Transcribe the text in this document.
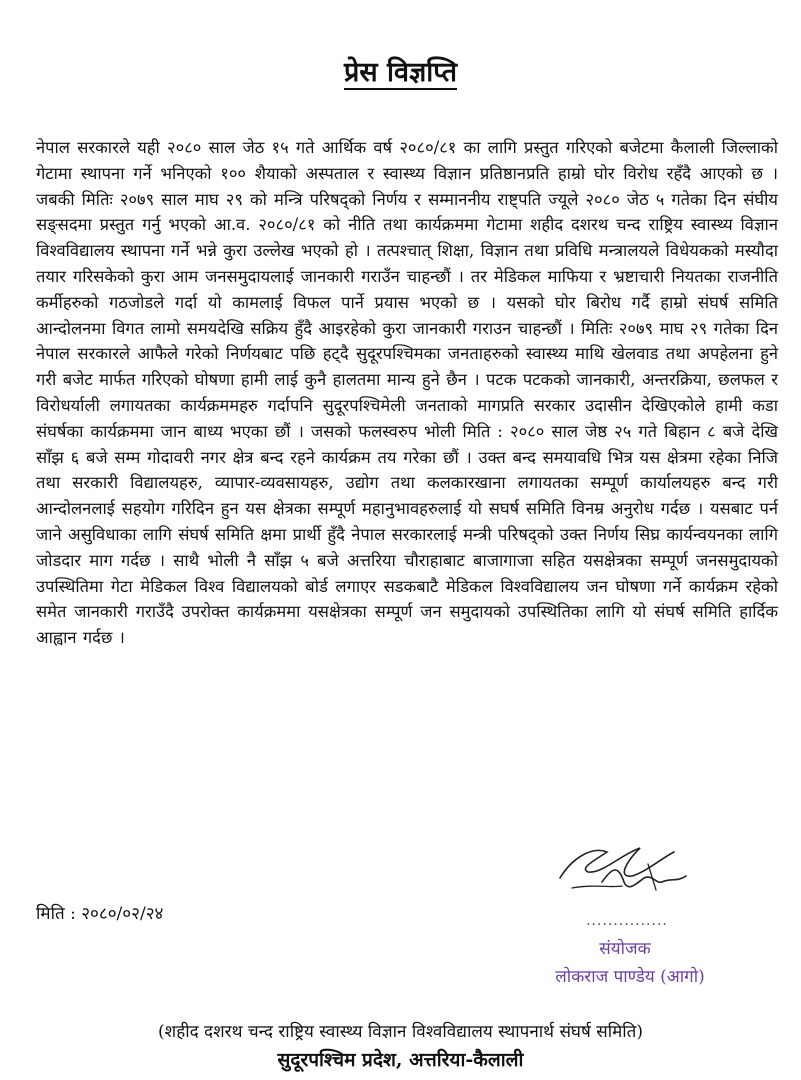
प्रेस विज्ञप्ति

नेपाल सरकारले यही २०८० साल जेठ १५ गते आर्थिक वर्ष २०८०/८१ का लागि प्रस्तुत गरिएको बजेटमा कैलाली जिल्लाको गेटामा स्थापना गर्ने भनिएको १०० शैयाको अस्पताल र स्वास्थ्य विज्ञान प्रतिष्ठानप्रति हाम्रो घोर विरोध रहँदै आएको छ । जबकी मितिः २०७९ साल माघ २९ को मन्त्रि परिषद्को निर्णय र सम्माननीय राष्ट्पति ज्यूले २०८० जेठ ५ गतेका दिन संघीय सङ्सदमा प्रस्तुत गर्नु भएको आ.व. २०८०/८१ को नीति तथा कार्यक्रममा गेटामा शहीद दशरथ चन्द राष्ट्रिय स्वास्थ्य विज्ञान विश्वविद्यालय स्थापना गर्ने भन्ने कुरा उल्लेख भएको हो । तत्पश्चात् शिक्षा, विज्ञान तथा प्रविधि मन्त्रालयले विधेयकको मस्यौदा तयार गरिसकेको कुरा आम जनसमुदायलाई जानकारी गराउँन चाहन्छौं । तर मेडिकल माफिया र भ्रष्टाचारी नियतका राजनीति कर्मीहरुको गठजोडले गर्दा यो कामलाई विफल पार्ने प्रयास भएको छ । यसको घोर बिरोध गर्दै हाम्रो संघर्ष समिति आन्दोलनमा विगत लामो समयदेखि सक्रिय हुँदै आइरहेको कुरा जानकारी गराउन चाहन्छौं । मितिः २०७९ माघ २९ गतेका दिन नेपाल सरकारले आफैले गरेको निर्णयबाट पछि हट्दै सुदूरपश्चिमका जनताहरुको स्वास्थ्य माथि खेलवाड तथा अपहेलना हुने गरी बजेट मार्फत गरिएको घोषणा हामी लाई कुनै हालतमा मान्य हुने छैन । पटक पटकको जानकारी, अन्तरक्रिया, छलफल र विरोधर्याली लगायतका कार्यक्रममहरु गर्दापनि सुदूरपश्चिमेली जनताको मागप्रति सरकार उदासीन देखिएकोले हामी कडा संघर्षका कार्यक्रममा जान बाध्य भएका छौं । जसको फलस्वरुप भोली मिति : २०८० साल जेष्ठ २५ गते बिहान ८ बजे देखि साँझ ६ बजे सम्म गोदावरी नगर क्षेत्र बन्द रहने कार्यक्रम तय गरेका छौं । उक्त बन्द समयावधि भित्र यस क्षेत्रमा रहेका निजि तथा सरकारी विद्यालयहरु, व्यापार-व्यवसायहरु, उद्योग तथा कलकारखाना लगायतका सम्पूर्ण कार्यालयहरु बन्द गरी आन्दोलनलाई सहयोग गरिदिन हुन यस क्षेत्रका सम्पूर्ण महानुभावहरुलाई यो सघर्ष समिति विनम्र अनुरोध गर्दछ । यसबाट पर्न जाने असुविधाका लागि संघर्ष समिति क्षमा प्रार्थी हुँदै नेपाल सरकारलाई मन्त्री परिषद्को उक्त निर्णय सिघ्र कार्यन्वयनका लागि जोडदार माग गर्दछ । साथै भोली नै साँझ ५ बजे अत्तरिया चौराहाबाट बाजागाजा सहित यसक्षेत्रका सम्पूर्ण जनसमुदायको उपस्थितिमा गेटा मेडिकल विश्व विद्यालयको बोर्ड लगाएर सडकबाटै मेडिकल विश्वविद्यालय जन घोषणा गर्ने कार्यक्रम रहेको समेत जानकारी गराउँदै उपरोक्त कार्यक्रममा यसक्षेत्रका सम्पूर्ण जन समुदायको उपस्थितिका लागि यो संघर्ष समिति हार्दिक आह्वान गर्दछ ।

मिति : २०८०/०२/२४	...............
संयोजक
लोकराज पाण्डेय (आगो)
(शहीद दशरथ चन्द राष्ट्रिय स्वास्थ्य विज्ञान विश्वविद्यालय स्थापनार्थ संघर्ष समिति)
सुदूरपश्चिम प्रदेश, अत्तरिया-कैलाली
